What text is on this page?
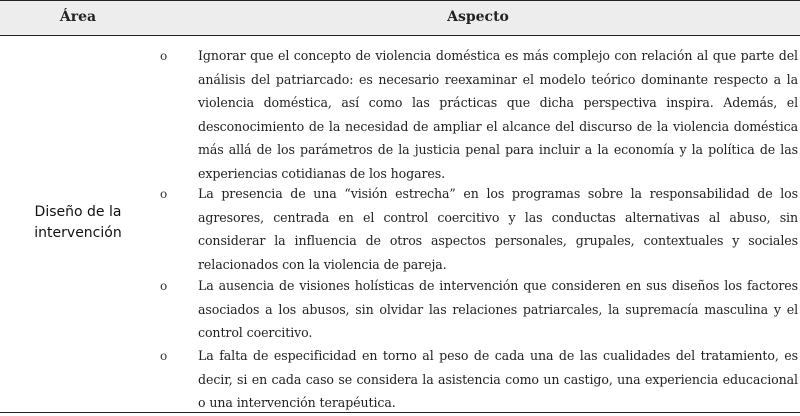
Área	Aspecto
Diseño de la intervención
o Ignorar que el concepto de violencia doméstica es más complejo con relación al que parte del análisis del patriarcado: es necesario reexaminar el modelo teórico dominante respecto a la violencia doméstica, así como las prácticas que dicha perspectiva inspira. Además, el desconocimiento de la necesidad de ampliar el alcance del discurso de la violencia doméstica más allá de los parámetros de la justicia penal para incluir a la economía y la política de las experiencias cotidianas de los hogares.
o La presencia de una “visión estrecha” en los programas sobre la responsabilidad de los agresores, centrada en el control coercitivo y las conductas alternativas al abuso, sin considerar la influencia de otros aspectos personales, grupales, contextuales y sociales relacionados con la violencia de pareja.
o La ausencia de visiones holísticas de intervención que consideren en sus diseños los factores asociados a los abusos, sin olvidar las relaciones patriarcales, la supremacía masculina y el control coercitivo.
o La falta de especificidad en torno al peso de cada una de las cualidades del tratamiento, es decir, si en cada caso se considera la asistencia como un castigo, una experiencia educacional o una intervención terapéutica.
